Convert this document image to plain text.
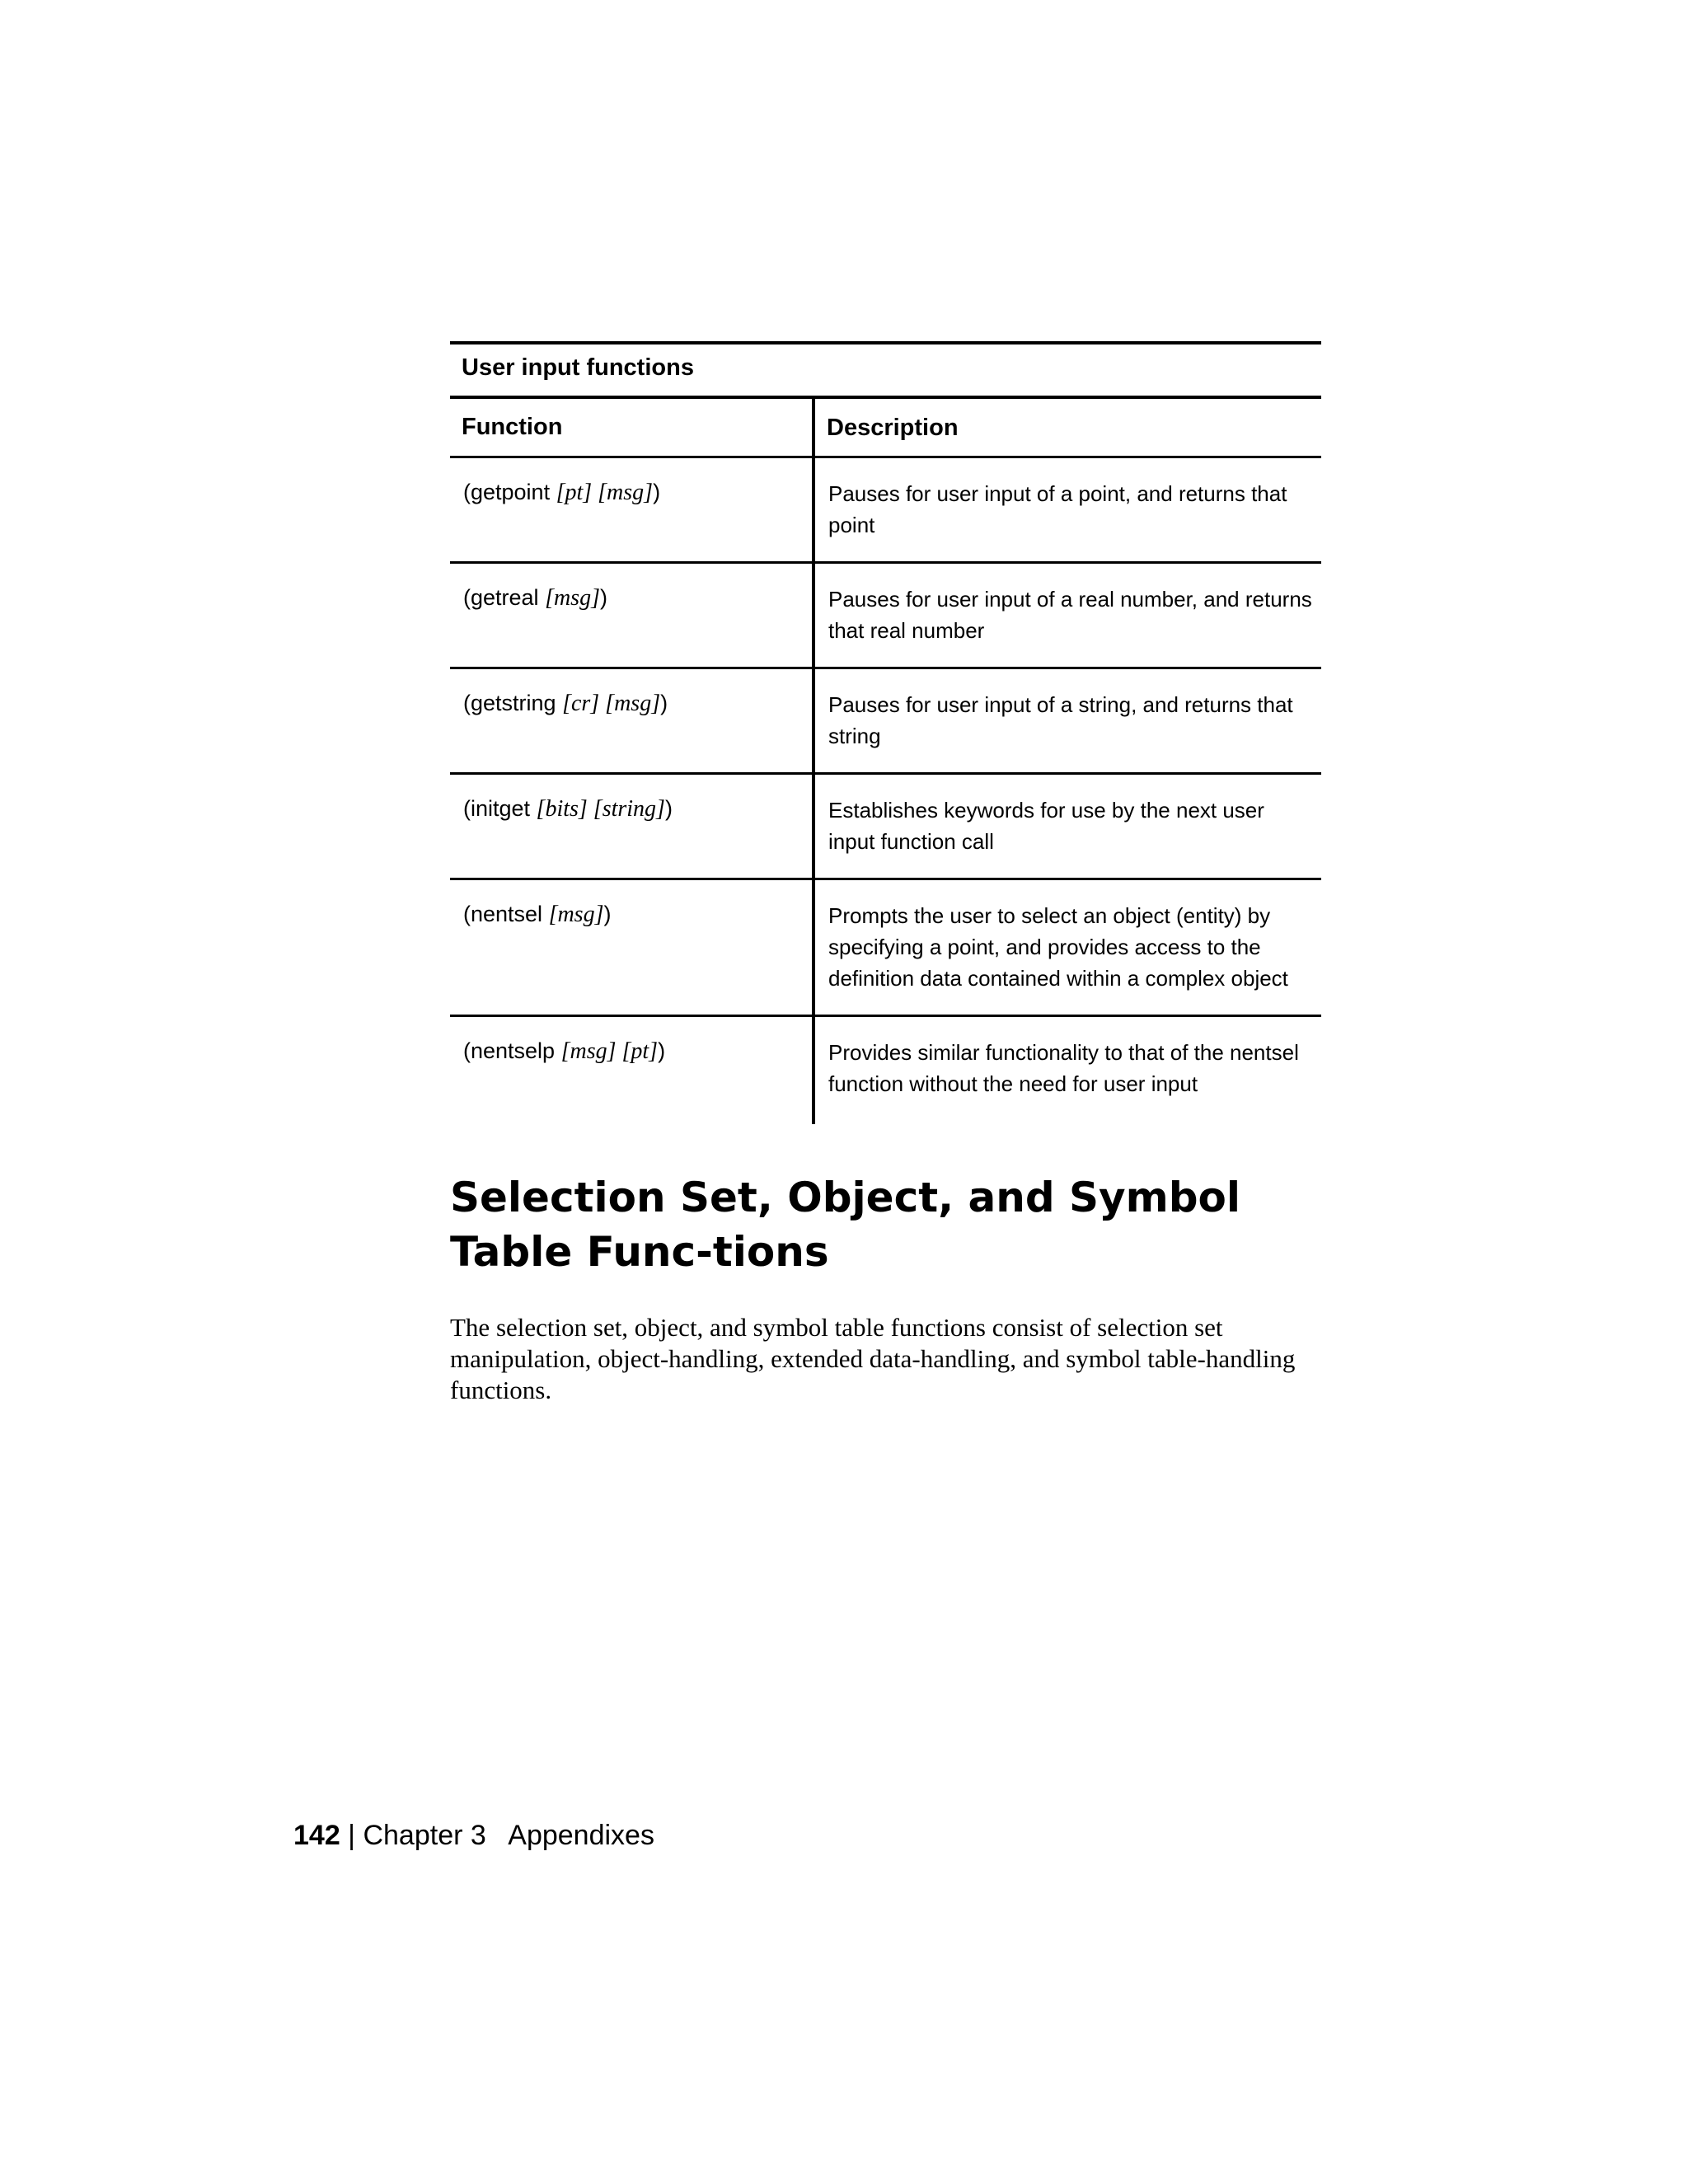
User input functions
Function	Description
(getpoint [pt] [msg])	Pauses for user input of a point, and returns that point
(getreal [msg])	Pauses for user input of a real number, and returns that real number
(getstring [cr] [msg])	Pauses for user input of a string, and returns that string
(initget [bits] [string])	Establishes keywords for use by the next user input function call
(nentsel [msg])	Prompts the user to select an object (entity) by specifying a point, and provides access to the definition data contained within a complex object
(nentselp [msg] [pt])	Provides similar functionality to that of the nentsel function without the need for user input
Selection Set, Object, and Symbol Table Func-tions

The selection set, object, and symbol table functions consist of selection set manipulation, object-handling, extended data-handling, and symbol table-handling functions.

142 | Chapter 3 Appendixes
